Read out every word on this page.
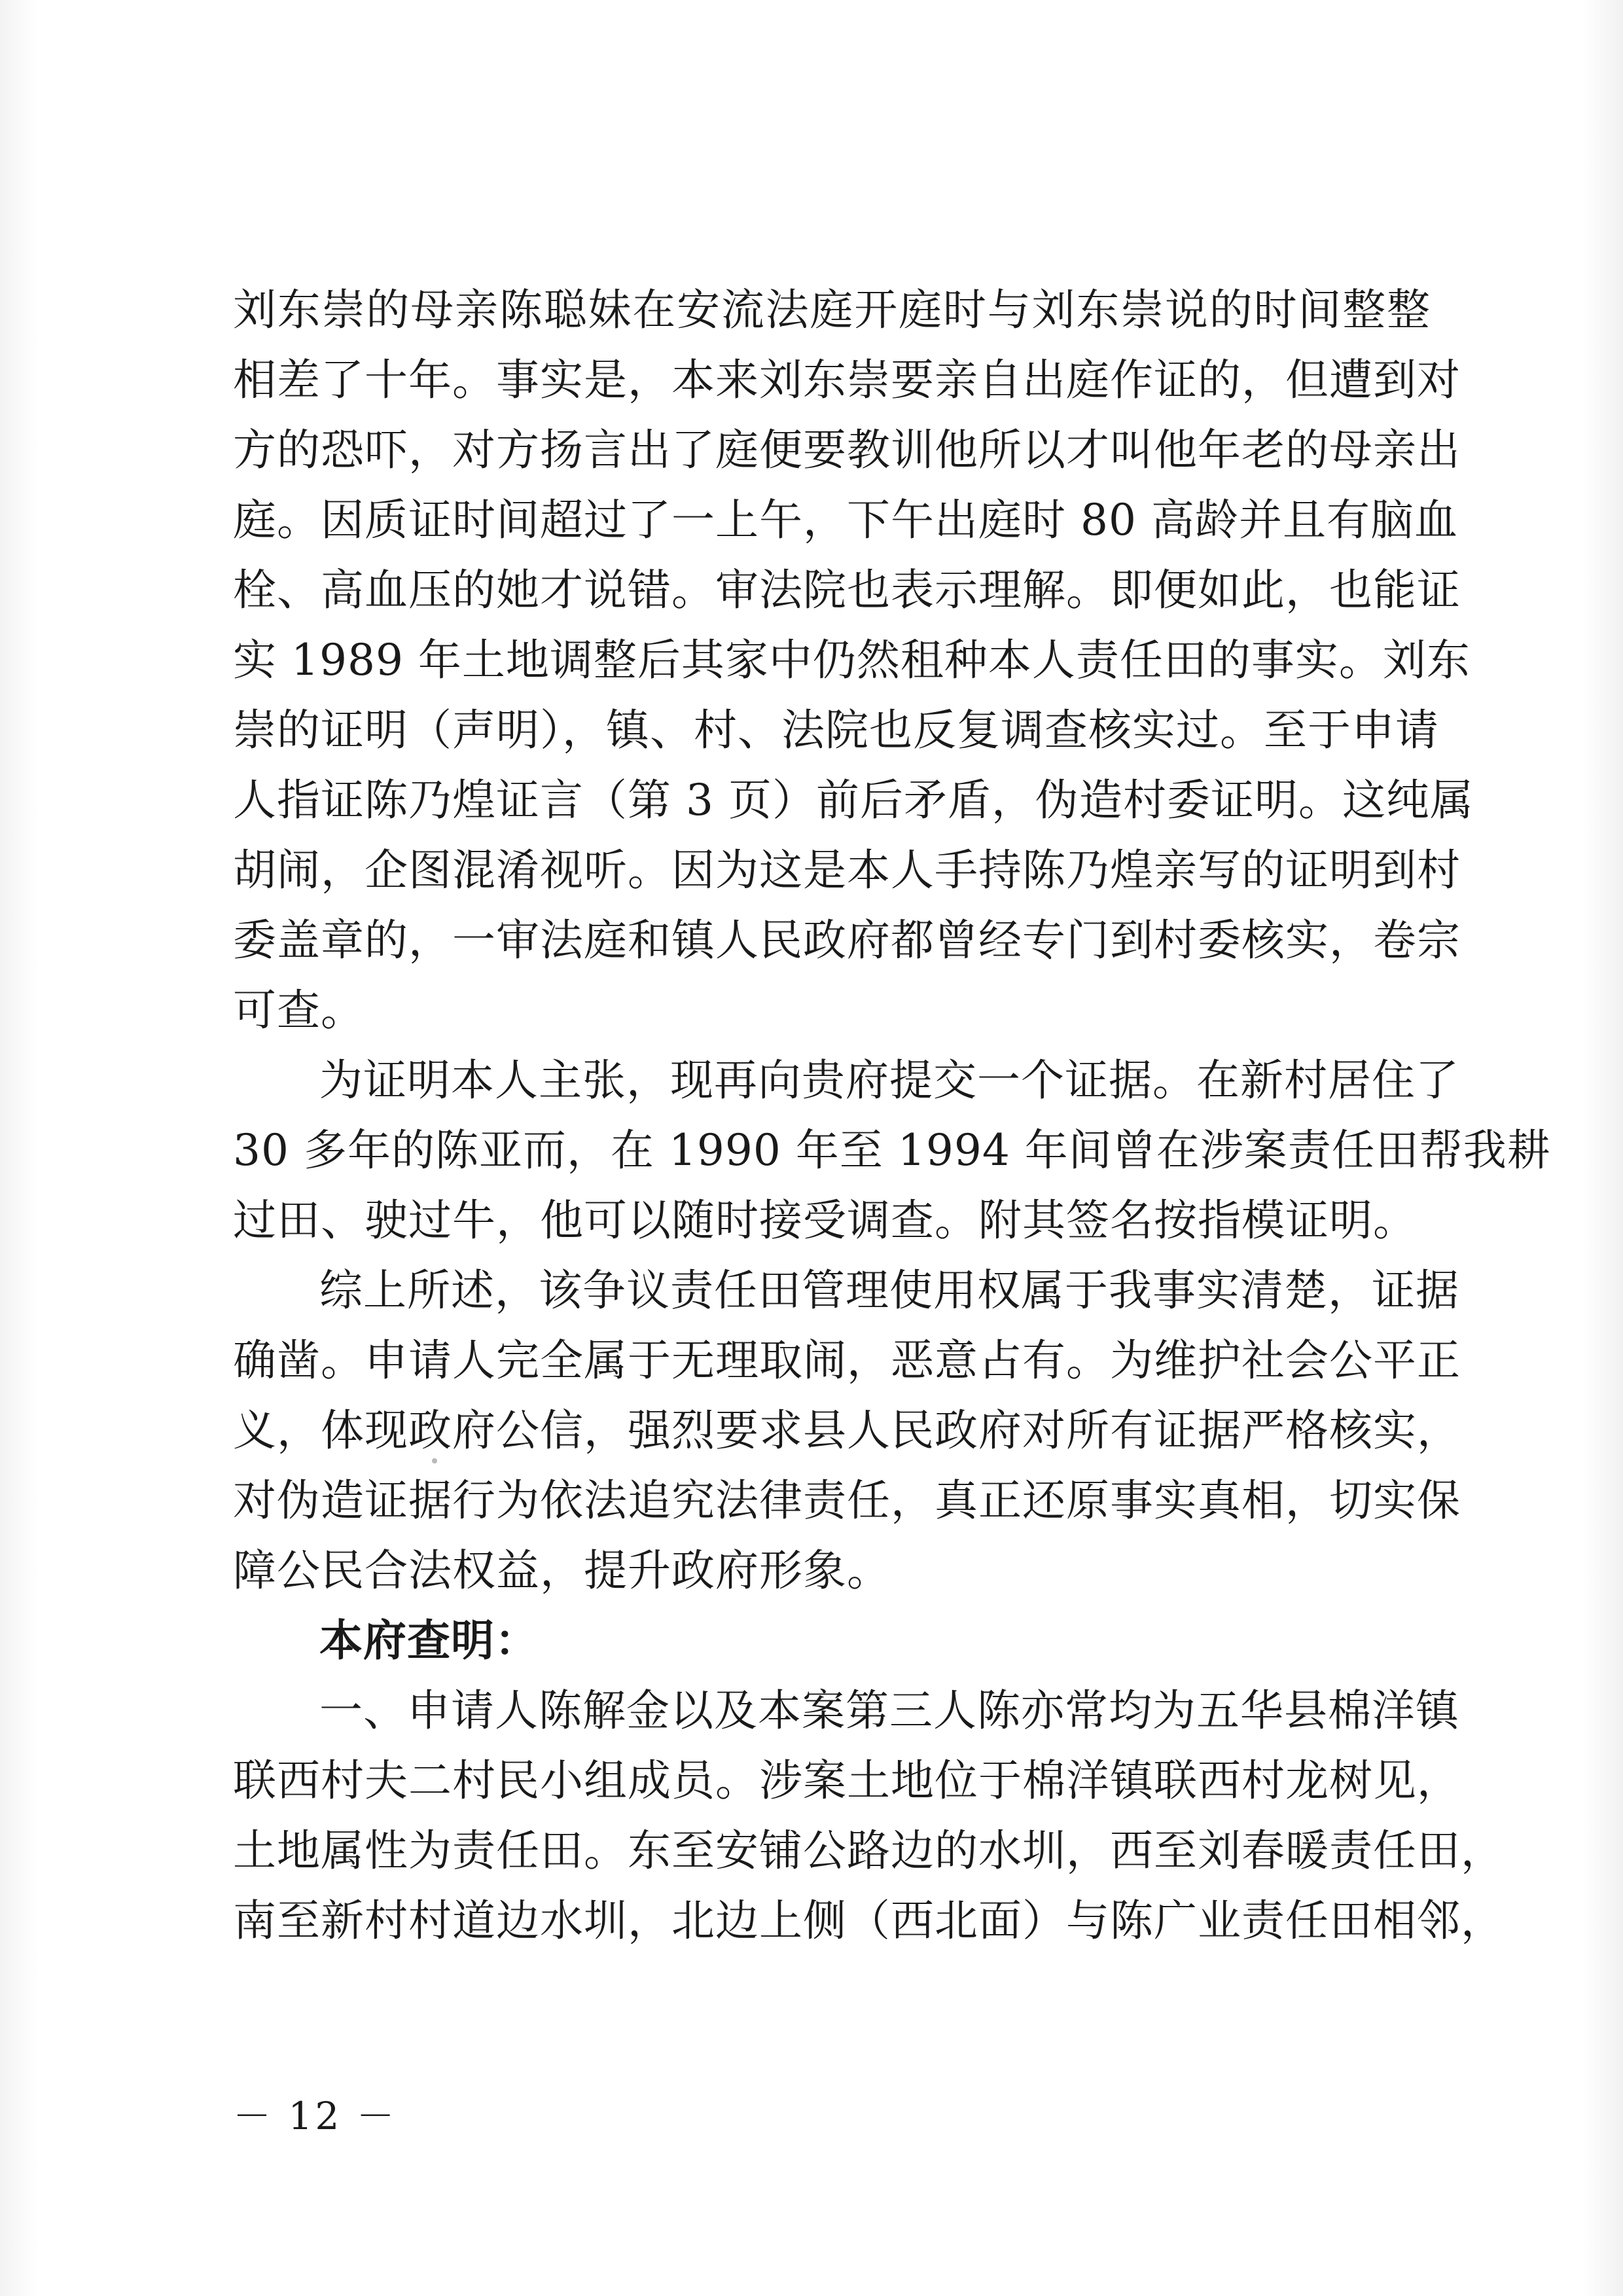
刘东崇的母亲陈聪妹在安流法庭开庭时与刘东崇说的时间整整
相差了十年。事实是，本来刘东崇要亲自出庭作证的，但遭到对
方的恐吓，对方扬言出了庭便要教训他所以才叫他年老的母亲出
庭。因质证时间超过了一上午，下午出庭时 80 高龄并且有脑血
栓、高血压的她才说错。审法院也表示理解。即便如此，也能证
实 1989 年土地调整后其家中仍然租种本人责任田的事实。刘东
崇的证明（声明），镇、村、法院也反复调查核实过。至于申请
人指证陈乃煌证言（第 3 页）前后矛盾，伪造村委证明。这纯属
胡闹，企图混淆视听。因为这是本人手持陈乃煌亲写的证明到村
委盖章的，一审法庭和镇人民政府都曾经专门到村委核实，卷宗
可查。
为证明本人主张，现再向贵府提交一个证据。在新村居住了
30 多年的陈亚而，在 1990 年至 1994 年间曾在涉案责任田帮我耕
过田、驶过牛，他可以随时接受调查。附其签名按指模证明。
综上所述，该争议责任田管理使用权属于我事实清楚，证据
确凿。申请人完全属于无理取闹，恶意占有。为维护社会公平正
义，体现政府公信，强烈要求县人民政府对所有证据严格核实，
对伪造证据行为依法追究法律责任，真正还原事实真相，切实保
障公民合法权益，提升政府形象。
本府查明：
一、申请人陈解金以及本案第三人陈亦常均为五华县棉洋镇
联西村夫二村民小组成员。涉案土地位于棉洋镇联西村龙树见，
土地属性为责任田。东至安铺公路边的水圳，西至刘春暖责任田，
南至新村村道边水圳，北边上侧（西北面）与陈广业责任田相邻，
－ 12 －
